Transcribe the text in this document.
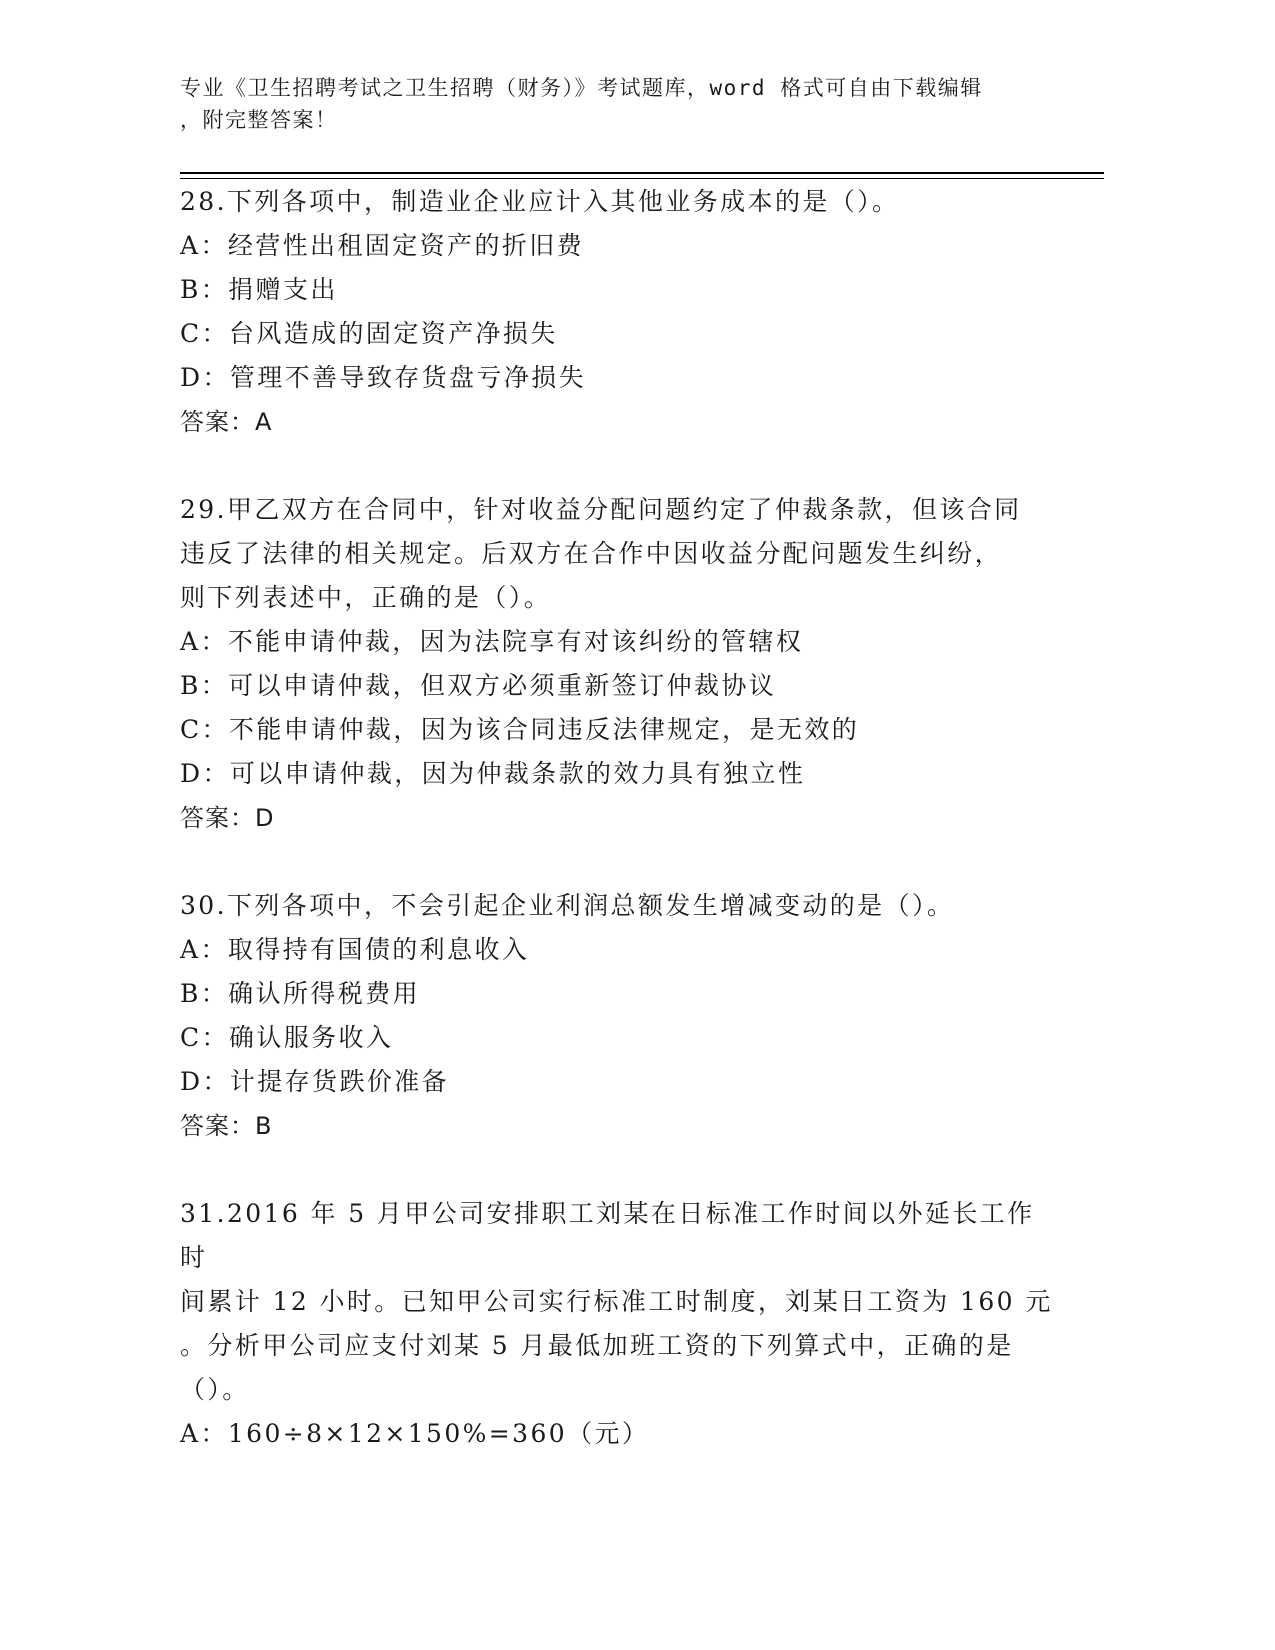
专业《卫生招聘考试之卫生招聘（财务）》考试题库，word 格式可自由下载编辑
，附完整答案！
28.下列各项中，制造业企业应计入其他业务成本的是（）。
A：经营性出租固定资产的折旧费
B：捐赠支出
C：台风造成的固定资产净损失
D：管理不善导致存货盘亏净损失
答案：A
29.甲乙双方在合同中，针对收益分配问题约定了仲裁条款，但该合同
违反了法律的相关规定。后双方在合作中因收益分配问题发生纠纷，
则下列表述中，正确的是（）。
A：不能申请仲裁，因为法院享有对该纠纷的管辖权
B：可以申请仲裁，但双方必须重新签订仲裁协议
C：不能申请仲裁，因为该合同违反法律规定，是无效的
D：可以申请仲裁，因为仲裁条款的效力具有独立性
答案：D
30.下列各项中，不会引起企业利润总额发生增减变动的是（）。
A：取得持有国债的利息收入
B：确认所得税费用
C：确认服务收入
D：计提存货跌价准备
答案：B
31.2016 年 5 月甲公司安排职工刘某在日标准工作时间以外延长工作时
间累计 12 小时。已知甲公司实行标准工时制度，刘某日工资为 160 元
。分析甲公司应支付刘某 5 月最低加班工资的下列算式中，正确的是
（）。
A：160÷8×12×150%=360（元）
